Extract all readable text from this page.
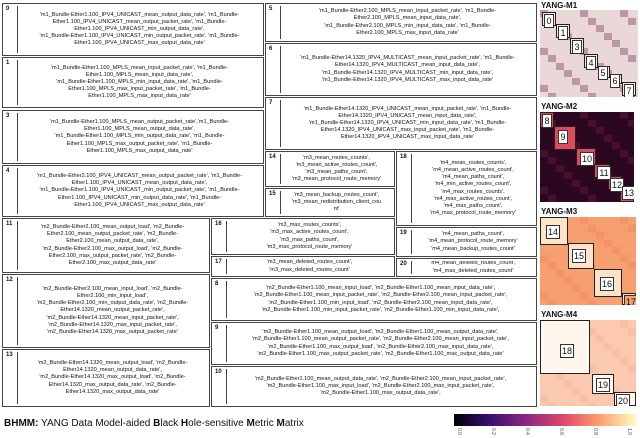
0
'm1_Bundle-Ether1.100_IPV4_UNICAST_mean_output_data_rate', 'm1_Bundle-
Ether1.100_IPV4_UNICAST_mean_output_packet_rate', 'm1_Bundle-
Ether1.100_IPV4_UNICAST_min_output_data_rate',
'm1_Bundle-Ether1.100_IPV4_UNICAST_min_output_packet_rate', 'm1_Bundle-
Ether1.100_IPV4_UNICAST_max_output_data_rate'
1
'm1_Bundle-Ether1.100_MPLS_mean_input_packet_rate', 'm1_Bundle-
Ether1.100_MPLS_mean_input_data_rate',
'm1_Bundle-Ether1.100_MPLS_min_input_data_rate', 'm1_Bundle-
Ether1.100_MPLS_max_input_packet_rate', 'm1_Bundle-
Ether1.100_MPLS_max_input_data_rate'
3
'm1_Bundle-Ether1.100_MPLS_mean_output_packet_rate','m1_Bundle-
Ether1.100_MPLS_mean_output_data_rate',
'm1_Bundle-Ether1.100_MPLS_min_output_data_rate', 'm1_Bundle-
Ether1.100_MPLS_max_output_packet_rate', 'm1_Bundle-
Ether1.100_MPLS_max_output_data_rate'
4
'm1_Bundle-Ether2.100_IPV4_UNICAST_mean_output_packet_rate', 'm1_Bundle-
Ether1.100_IPV4_UNICAST_mean_output_data_rate',
'm1_Bundle-Ether1.100_IPV4_UNICAST_min_output_packet_rate', 'm1_Bundle-
Ether1.100_IPV4_UNICAST_min_output_data_rate', 'm1_Bundle-
Ether1.100_IPV4_UNICAST_max_output_data_rate'
11
'm2_Bundle-Ether2.100_mean_output_load', 'm2_Bundle-
Ether2.100_mean_output_packet_rate', 'm2_Bundle-
Ether2.100_mean_output_data_rate',
'm2_Bundle-Ether2.100_max_output_load', 'm2_Bundle-
Ether2.100_max_output_packet_rate', 'm2_Bundle-
Ether2.100_max_output_data_rate'
12
'm2_Bundle-Ether2.100_mean_input_load', 'm2_Bundle-
Ether2.100_min_input_load',
'm2_Bundle-Ether2.100_min_output_data_rate', 'm2_Bundle-
Ether14.1320_mean_output_packet_rate',
'm2_Bundle-Ether14.1320_mean_input_packet_rate',
'm2_Bundle-Ether14.1320_max_input_packet_rate',
'm2_Bundle-Ether14.1320_max_output_packet_rate'
13
'm2_Bundle-Ether14.1320_mean_output_load', 'm2_Bundle-
Ether14.1320_mean_output_data_rate',
'm2_Bundle-Ether14.1320_max_output_load', 'm2_Bundle-
Ether14.1320_max_output_data_rate', 'm2_Bundle-
Ether14.1320_max_output_data_rate'
5	'm1_Bundle-Ether2.100_MPLS_mean_input_packet_rate', 'm1_Bundle-
Ether2.100_MPLS_mean_input_data_rate',
'm1_Bundle-Ether2.100_MPLS_min_input_data_rate', 'm1_Bundle-
Ether2.100_MPLS_max_input_data_rate'
6
'm1_Bundle-Ether14.1320_IPV4_MULTICAST_mean_input_packet_rate', 'm1_Bundle-
Ether14.1320_IPV4_MULTICAST_mean_input_data_rate',
'm1_Bundle-Ether14.1320_IPV4_MULTICAST_min_input_data_rate',
'm1_Bundle-Ether14.1320_IPV4_MULTICAST_max_input_data_rate'
7
'm1_Bundle-Ether14.1320_IPV4_UNICAST_mean_input_packet_rate', 'm1_Bundle-
Ether14.1320_IPV4_UNICAST_mean_input_data_rate',
'm1_Bundle-Ether14.1320_IPV4_UNICAST_min_input_data_rate', 'm1_Bundle-
Ether14.1320_IPV4_UNICAST_max_input_packet_rate', 'm1_Bundle-
Ether14.1320_IPV4_UNICAST_max_input_data_rate'
14	'm3_mean_routes_counts',
'm3_mean_active_routes_count',
'm3_mean_paths_count',
'm3_mean_protocol_route_memory'
15	'm3_mean_backup_routes_count',
'm3_mean_redistribution_client_cou
nt'
18
'm4_mean_routes_counts',
'm4_mean_active_routes_count',
'm4_mean_paths_count',
'm4_min_active_routes_count',
'm4_max_routes_counts',
'm4_max_active_routes_count',
'm4_max_paths_count',
'm4_max_protocol_route_memory'
16	'm3_max_routes_counts',
'm3_max_active_routes_count',
'm3_max_paths_count',
'm3_max_protocol_route_memory'
19	'm4_mean_paths_count',
'm4_mean_protocol_route_memory'
'm4_mean_backup_routes_count'
17	'm3_mean_deleted_routes_count',
'm3_max_deleted_routes_count'
20	'm4_mean_deleted_routes_count',
'm4_max_deleted_routes_count'
8
'm2_Bundle-Ether1.100_mean_input_load', 'm2_Bundle-Ether1.100_mean_input_data_rate',
'm2_Bundle-Ether1.100_mean_input_packet_rate', 'm2_Bundle-Ether2.100_mean_input_packet_rate',
'm2_Bundle-Ether1.100_min_input_load', 'm2_Bundle-Ether2.100_mean_input_data_rate',
'm2_Bundle-Ether1.100_min_input_packet_rate', 'm2_Bundle-Ether1.100_min_input_data_rate',
9
'm2_Bundle-Ether1.100_mean_output_load', 'm2_Bundle-Ether1.100_mean_output_data_rate',
'm2_Bundle-Ether1.100_mean_output_packet_rate', 'm2_Bundle-Ether2.100_mean_input_packet_rate',
'm2_Bundle-Ether1.100_max_output_load', 'm2_Bundle-Ether2.100_max_input_data_rate',
'm2_Bundle-Ether1.100_max_output_packet_rate', 'm2_Bundle-Ether1.100_max_output_data_rate'
10
'm2_Bundle-Ether1.100_mean_output_data_rate', 'm2_Bundle-Ether2.100_mean_input_packet_rate',
'm2_Bundle-Ether1.100_max_input_load', 'm2_Bundle-Ether2.100_max_input_packet_rate',
'm2_Bundle-Ether1.100_max_output_data_rate',
YANG-M1
0
1
3
4
5
6
7
YANG-M2
8
9
10
11
12
13
YANG-M3
14
15
16
17
YANG-M4
18
19
20
BHMM: YANG Data Model-aided Black Hole-sensitive Metric Matrix
0.0	0.2	0.4	0.6	0.8	1.0
